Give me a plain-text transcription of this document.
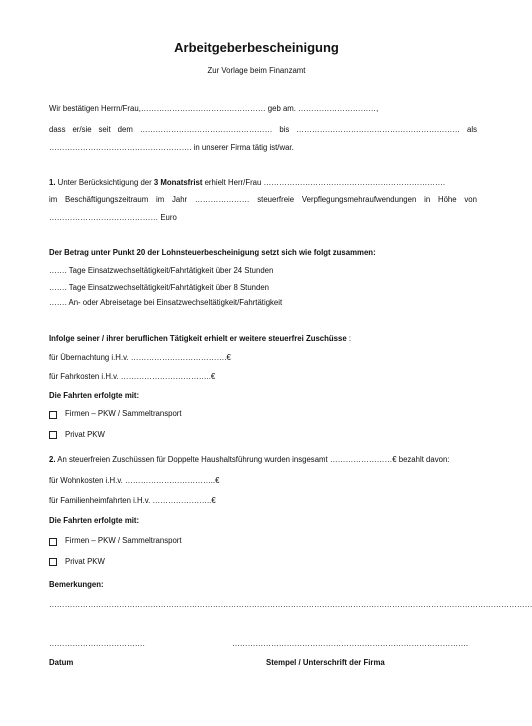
Arbeitgeberbescheinigung
Zur Vorlage beim Finanzamt
Wir bestätigen Herrn/Frau,………………………………………… geb am. …………………………,
dass er/sie seit dem …………………………………………… bis ……………………………………………………… als
………………………………………………. in unserer Firma tätig ist/war.
1. Unter Berücksichtigung der 3 Monatsfrist erhielt Herr/Frau …………………………………………………………….
im Beschäftigungszeitraum im Jahr ………………… steuerfreie Verpflegungsmehraufwendungen in Höhe von
…………………………………… Euro
Der Betrag unter Punkt 20 der Lohnsteuerbescheinigung setzt sich wie folgt zusammen:
……. Tage Einsatzwechseltätigkeit/Fahrtätigkeit über 24 Stunden
……. Tage Einsatzwechseltätigkeit/Fahrtätigkeit über 8 Stunden
……. An- oder Abreisetage bei Einsatzwechseltätigkeit/Fahrtätigkeit
Infolge seiner / ihrer beruflichen Tätigkeit erhielt er weitere steuerfrei Zuschüsse :
für Übernachtung i.H.v. ……………………………….€
für Fahrkosten i.H.v. ……………………………..€
Die Fahrten erfolgte mit:
Firmen – PKW / Sammeltransport
Privat PKW
2. An steuerfreien Zuschüssen für Doppelte Haushaltsführung wurden insgesamt ……………………€ bezahlt davon:
für Wohnkosten i.H.v. ……………………………..€
für Familienheimfahrten i.H.v. …………………..€
Die Fahrten erfolgte mit:
Firmen – PKW / Sammeltransport
Privat PKW
Bemerkungen:
……………………………………………………………………………………………………………………………………………………………………
……………………………….	……………………………………………………………………………….
Datum	Stempel / Unterschrift der Firma
